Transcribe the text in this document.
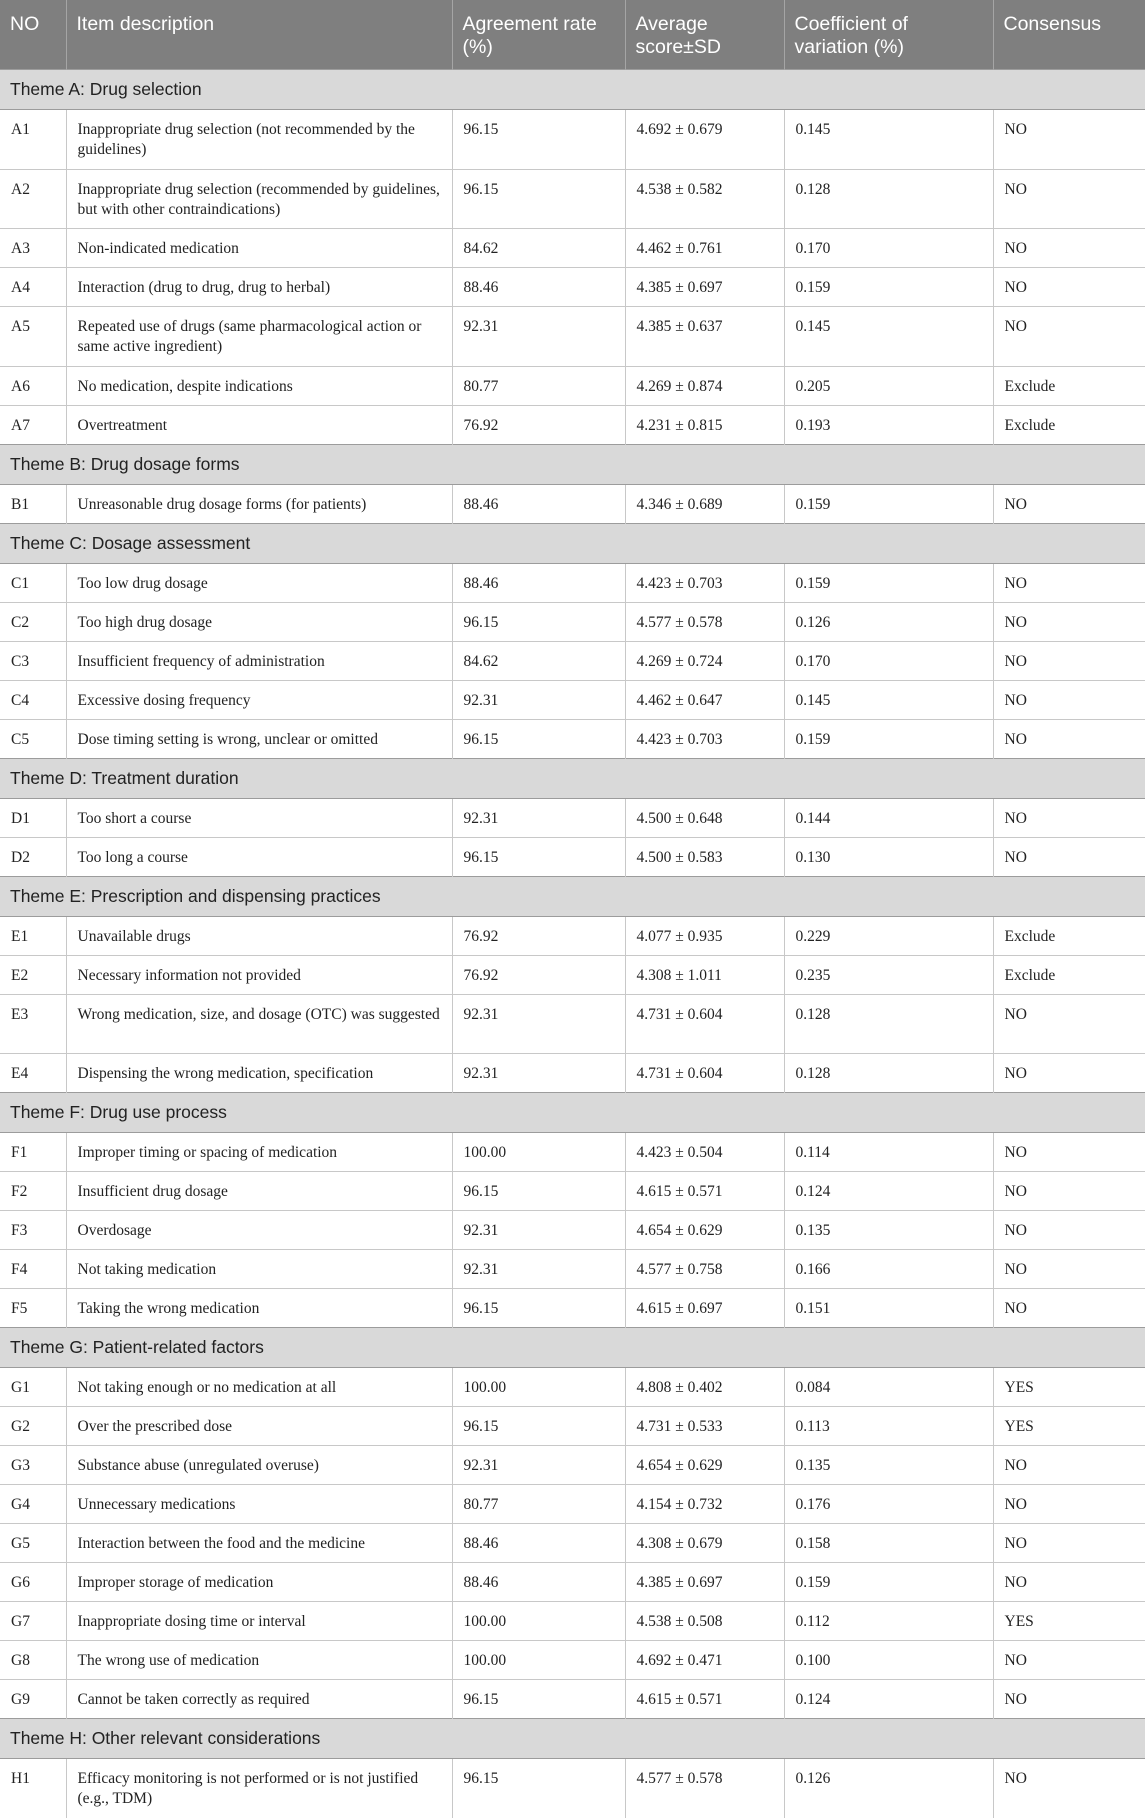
NO	Item description	Agreement rate (%)	Average score±SD	Coefficient of variation (%)	Consensus
Theme A: Drug selection					
A1	Inappropriate drug selection (not recommended by the guidelines)	96.15	4.692 ± 0.679	0.145	NO
A2	Inappropriate drug selection (recommended by guidelines, but with other contraindications)	96.15	4.538 ± 0.582	0.128	NO
A3	Non-indicated medication	84.62	4.462 ± 0.761	0.170	NO
A4	Interaction (drug to drug, drug to herbal)	88.46	4.385 ± 0.697	0.159	NO
A5	Repeated use of drugs (same pharmacological action or same active ingredient)	92.31	4.385 ± 0.637	0.145	NO
A6	No medication, despite indications	80.77	4.269 ± 0.874	0.205	Exclude
A7	Overtreatment	76.92	4.231 ± 0.815	0.193	Exclude
Theme B: Drug dosage forms					
B1	Unreasonable drug dosage forms (for patients)	88.46	4.346 ± 0.689	0.159	NO
Theme C: Dosage assessment					
C1	Too low drug dosage	88.46	4.423 ± 0.703	0.159	NO
C2	Too high drug dosage	96.15	4.577 ± 0.578	0.126	NO
C3	Insufficient frequency of administration	84.62	4.269 ± 0.724	0.170	NO
C4	Excessive dosing frequency	92.31	4.462 ± 0.647	0.145	NO
C5	Dose timing setting is wrong, unclear or omitted	96.15	4.423 ± 0.703	0.159	NO
Theme D: Treatment duration					
D1	Too short a course	92.31	4.500 ± 0.648	0.144	NO
D2	Too long a course	96.15	4.500 ± 0.583	0.130	NO
Theme E: Prescription and dispensing practices					
E1	Unavailable drugs	76.92	4.077 ± 0.935	0.229	Exclude
E2	Necessary information not provided	76.92	4.308 ± 1.011	0.235	Exclude
E3	Wrong medication, size, and dosage (OTC) was suggested	92.31	4.731 ± 0.604	0.128	NO
E4	Dispensing the wrong medication, specification	92.31	4.731 ± 0.604	0.128	NO
Theme F: Drug use process					
F1	Improper timing or spacing of medication	100.00	4.423 ± 0.504	0.114	NO
F2	Insufficient drug dosage	96.15	4.615 ± 0.571	0.124	NO
F3	Overdosage	92.31	4.654 ± 0.629	0.135	NO
F4	Not taking medication	92.31	4.577 ± 0.758	0.166	NO
F5	Taking the wrong medication	96.15	4.615 ± 0.697	0.151	NO
Theme G: Patient-related factors					
G1	Not taking enough or no medication at all	100.00	4.808 ± 0.402	0.084	YES
G2	Over the prescribed dose	96.15	4.731 ± 0.533	0.113	YES
G3	Substance abuse (unregulated overuse)	92.31	4.654 ± 0.629	0.135	NO
G4	Unnecessary medications	80.77	4.154 ± 0.732	0.176	NO
G5	Interaction between the food and the medicine	88.46	4.308 ± 0.679	0.158	NO
G6	Improper storage of medication	88.46	4.385 ± 0.697	0.159	NO
G7	Inappropriate dosing time or interval	100.00	4.538 ± 0.508	0.112	YES
G8	The wrong use of medication	100.00	4.692 ± 0.471	0.100	NO
G9	Cannot be taken correctly as required	96.15	4.615 ± 0.571	0.124	NO
Theme H: Other relevant considerations					
H1	Efficacy monitoring is not performed or is not justified (e.g., TDM)	96.15	4.577 ± 0.578	0.126	NO
